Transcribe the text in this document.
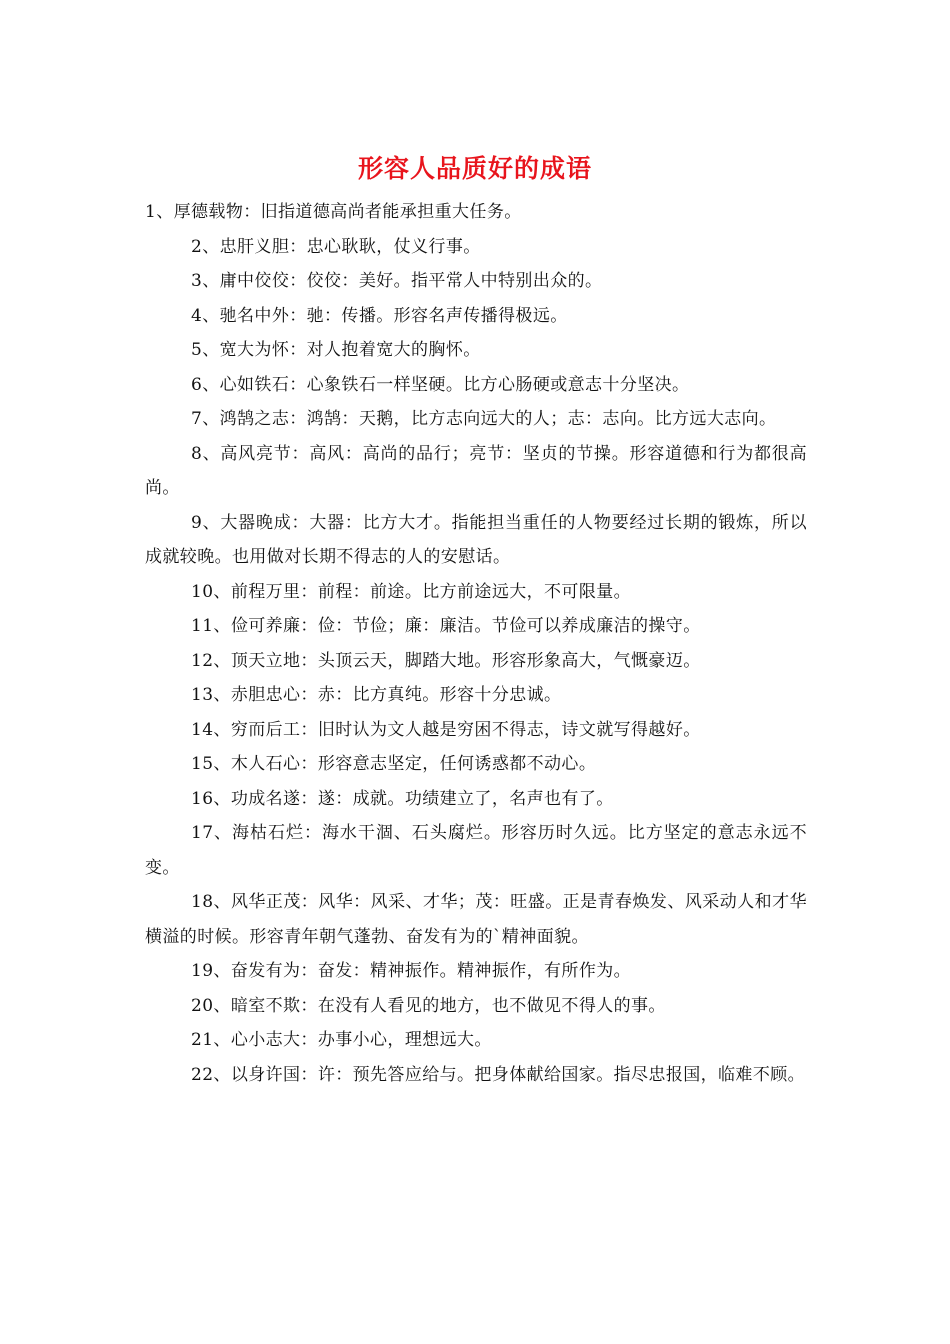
形容人品质好的成语

1、厚德载物：旧指道德高尚者能承担重大任务。

2、忠肝义胆：忠心耿耿，仗义行事。

3、庸中佼佼：佼佼：美好。指平常人中特别出众的。

4、驰名中外：驰：传播。形容名声传播得极远。

5、宽大为怀：对人抱着宽大的胸怀。

6、心如铁石：心象铁石一样坚硬。比方心肠硬或意志十分坚决。

7、鸿鹄之志：鸿鹄：天鹅，比方志向远大的人；志：志向。比方远大志向。

8、高风亮节：高风：高尚的品行；亮节：坚贞的节操。形容道德和行为都很高尚。

9、大器晚成：大器：比方大才。指能担当重任的人物要经过长期的锻炼，所以成就较晚。也用做对长期不得志的人的安慰话。

10、前程万里：前程：前途。比方前途远大，不可限量。

11、俭可养廉：俭：节俭；廉：廉洁。节俭可以养成廉洁的操守。

12、顶天立地：头顶云天，脚踏大地。形容形象高大，气慨豪迈。

13、赤胆忠心：赤：比方真纯。形容十分忠诚。

14、穷而后工：旧时认为文人越是穷困不得志，诗文就写得越好。

15、木人石心：形容意志坚定，任何诱惑都不动心。

16、功成名遂：遂：成就。功绩建立了，名声也有了。

17、海枯石烂：海水干涸、石头腐烂。形容历时久远。比方坚定的意志永远不变。

18、风华正茂：风华：风采、才华；茂：旺盛。正是青春焕发、风采动人和才华横溢的时候。形容青年朝气蓬勃、奋发有为的`精神面貌。

19、奋发有为：奋发：精神振作。精神振作，有所作为。

20、暗室不欺：在没有人看见的地方，也不做见不得人的事。

21、心小志大：办事小心，理想远大。

22、以身许国：许：预先答应给与。把身体献给国家。指尽忠报国，临难不顾。
